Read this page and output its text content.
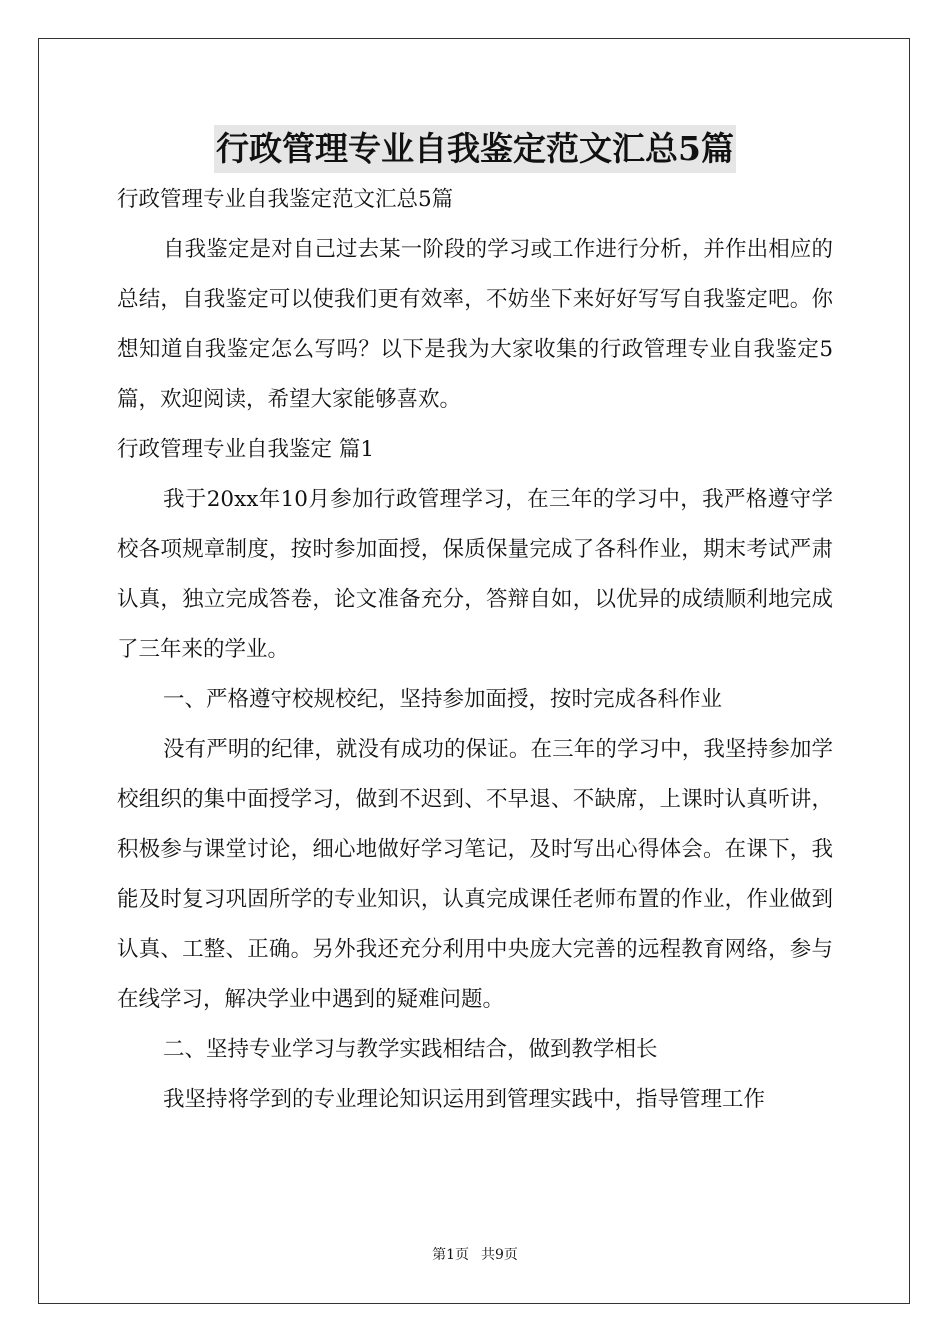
行政管理专业自我鉴定范文汇总5篇

行政管理专业自我鉴定范文汇总5篇

自我鉴定是对自己过去某一阶段的学习或工作进行分析，并作出相应的总结，自我鉴定可以使我们更有效率，不妨坐下来好好写写自我鉴定吧。你想知道自我鉴定怎么写吗？以下是我为大家收集的行政管理专业自我鉴定5篇，欢迎阅读，希望大家能够喜欢。

行政管理专业自我鉴定 篇1

我于20xx年10月参加行政管理学习，在三年的学习中，我严格遵守学校各项规章制度，按时参加面授，保质保量完成了各科作业，期末考试严肃认真，独立完成答卷，论文准备充分，答辩自如，以优异的成绩顺利地完成了三年来的学业。

一、严格遵守校规校纪，坚持参加面授，按时完成各科作业

没有严明的纪律，就没有成功的保证。在三年的学习中，我坚持参加学校组织的集中面授学习，做到不迟到、不早退、不缺席，上课时认真听讲，积极参与课堂讨论，细心地做好学习笔记，及时写出心得体会。在课下，我能及时复习巩固所学的专业知识，认真完成课任老师布置的作业，作业做到认真、工整、正确。另外我还充分利用中央庞大完善的远程教育网络，参与在线学习，解决学业中遇到的疑难问题。

二、坚持专业学习与教学实践相结合，做到教学相长

我坚持将学到的专业理论知识运用到管理实践中，指导管理工作

第1页 共9页
